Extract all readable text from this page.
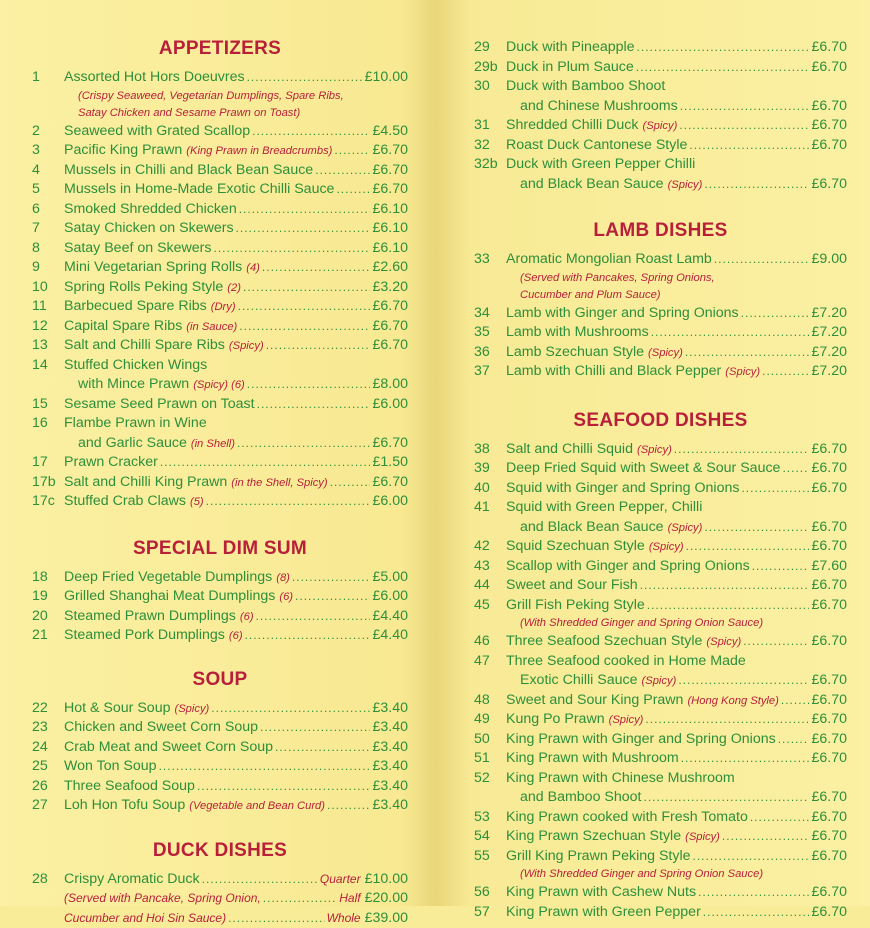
APPETIZERS
1	Assorted Hot Hors Doeuvres .....	£10.00
(Crispy Seaweed, Vegetarian Dumplings, Spare Ribs,
Satay Chicken and Sesame Prawn on Toast)
2	Seaweed with Grated Scallop .....	£4.50
3	Pacific King Prawn (King Prawn in Breadcrumbs) .....	£6.70
4	Mussels in Chilli and Black Bean Sauce .....	£6.70
5	Mussels in Home-Made Exotic Chilli Sauce .....	£6.70
6	Smoked Shredded Chicken .....	£6.10
7	Satay Chicken on Skewers .....	£6.10
8	Satay Beef on Skewers .....	£6.10
9	Mini Vegetarian Spring Rolls (4) .....	£2.60
10	Spring Rolls Peking Style (2) .....	£3.20
11	Barbecued Spare Ribs (Dry) .....	£6.70
12	Capital Spare Ribs (in Sauce) .....	£6.70
13	Salt and Chilli Spare Ribs (Spicy) .....	£6.70
14	Stuffed Chicken Wings
with Mince Prawn (Spicy) (6) .....	£8.00
15	Sesame Seed Prawn on Toast .....	£6.00
16	Flambe Prawn in Wine
and Garlic Sauce (in Shell) .....	£6.70
17	Prawn Cracker .....	£1.50
17b Salt and Chilli King Prawn (in the Shell, Spicy) .....	£6.70
17c Stuffed Crab Claws (5) .....	£6.00
SPECIAL DIM SUM
18	Deep Fried Vegetable Dumplings (8) .....	£5.00
19	Grilled Shanghai Meat Dumplings (6) .....	£6.00
20	Steamed Prawn Dumplings (6) .....	£4.40
21	Steamed Pork Dumplings (6) .....	£4.40
SOUP
22	Hot & Sour Soup (Spicy) .....	£3.40
23	Chicken and Sweet Corn Soup .....	£3.40
24	Crab Meat and Sweet Corn Soup .....	£3.40
25	Won Ton Soup .....	£3.40
26	Three Seafood Soup .....	£3.40
27	Loh Hon Tofu Soup (Vegetable and Bean Curd) .....	£3.40
DUCK DISHES
28	Crispy Aromatic Duck .....	Quarter £10.00
(Served with Pancake, Spring Onion, .....	Half £20.00
Cucumber and Hoi Sin Sauce) .....	Whole £39.00
29	Duck with Pineapple .....	£6.70
29b Duck in Plum Sauce .....	£6.70
30	Duck with Bamboo Shoot
and Chinese Mushrooms .....	£6.70
31	Shredded Chilli Duck (Spicy) .....	£6.70
32	Roast Duck Cantonese Style .....	£6.70
32b Duck with Green Pepper Chilli
and Black Bean Sauce (Spicy) .....	£6.70
LAMB DISHES
33	Aromatic Mongolian Roast Lamb .....	£9.00
(Served with Pancakes, Spring Onions,
Cucumber and Plum Sauce)
34	Lamb with Ginger and Spring Onions .....	£7.20
35	Lamb with Mushrooms .....	£7.20
36	Lamb Szechuan Style (Spicy) .....	£7.20
37	Lamb with Chilli and Black Pepper (Spicy) .....	£7.20
SEAFOOD DISHES
38	Salt and Chilli Squid (Spicy) .....	£6.70
39	Deep Fried Squid with Sweet & Sour Sauce ..... £6.70
40	Squid with Ginger and Spring Onions .....	£6.70
41	Squid with Green Pepper, Chilli
and Black Bean Sauce (Spicy) .....	£6.70
42	Squid Szechuan Style (Spicy) .....	£6.70
43	Scallop with Ginger and Spring Onions .....	£7.60
44	Sweet and Sour Fish .....	£6.70
45	Grill Fish Peking Style .....	£6.70
(With Shredded Ginger and Spring Onion Sauce)
46	Three Seafood Szechuan Style (Spicy) .....	£6.70
47	Three Seafood cooked in Home Made
Exotic Chilli Sauce (Spicy) .....	£6.70
48	Sweet and Sour King Prawn (Hong Kong Style) ..... £6.70
49	Kung Po Prawn (Spicy) .....	£6.70
50	King Prawn with Ginger and Spring Onions .....	£6.70
51	King Prawn with Mushroom .....	£6.70
52	King Prawn with Chinese Mushroom
and Bamboo Shoot .....	£6.70
53	King Prawn cooked with Fresh Tomato .....	£6.70
54	King Prawn Szechuan Style (Spicy) .....	£6.70
55	Grill King Prawn Peking Style .....	£6.70
(With Shredded Ginger and Spring Onion Sauce)
56	King Prawn with Cashew Nuts .....	£6.70
57	King Prawn with Green Pepper .....	£6.70
